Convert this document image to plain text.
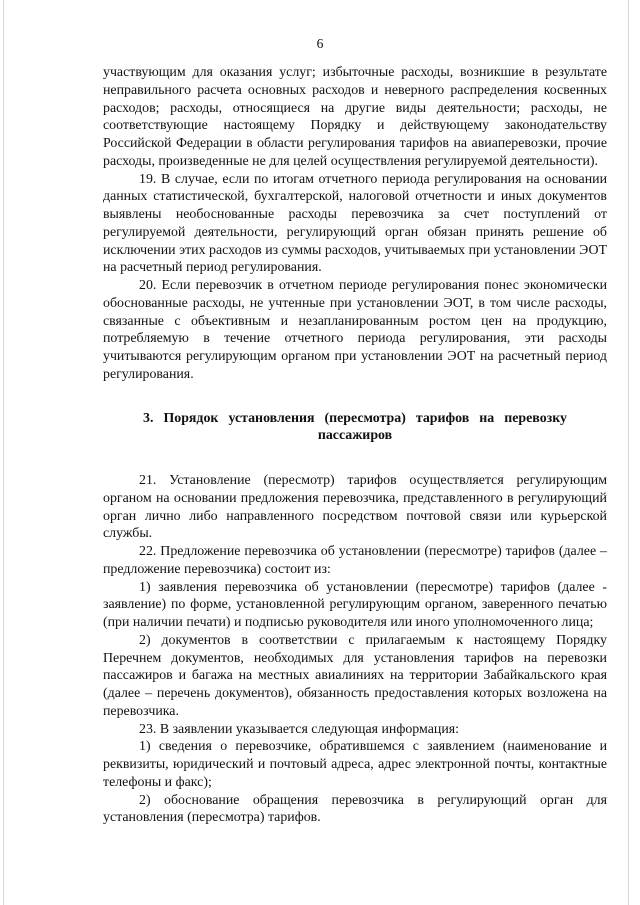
6

участвующим для оказания услуг; избыточные расходы, возникшие в результате неправильного расчета основных расходов и неверного распределения косвенных расходов; расходы, относящиеся на другие виды деятельности; расходы, не соответствующие настоящему Порядку и действующему законодательству Российской Федерации в области регулирования тарифов на авиаперевозки, прочие расходы, произведенные не для целей осуществления регулируемой деятельности).

19. В случае, если по итогам отчетного периода регулирования на основании данных статистической, бухгалтерской, налоговой отчетности и иных документов выявлены необоснованные расходы перевозчика за счет поступлений от регулируемой деятельности, регулирующий орган обязан принять решение об исключении этих расходов из суммы расходов, учитываемых при установлении ЭОТ на расчетный период регулирования.

20. Если перевозчик в отчетном периоде регулирования понес экономически обоснованные расходы, не учтенные при установлении ЭОТ, в том числе расходы, связанные с объективным и незапланированным ростом цен на продукцию, потребляемую в течение отчетного периода регулирования, эти расходы учитываются регулирующим органом при установлении ЭОТ на расчетный период регулирования.

3. Порядок установления (пересмотра) тарифов на перевозку пассажиров

21. Установление (пересмотр) тарифов осуществляется регулирующим органом на основании предложения перевозчика, представленного в регулирующий орган лично либо направленного посредством почтовой связи или курьерской службы.

22. Предложение перевозчика об установлении (пересмотре) тарифов (далее – предложение перевозчика) состоит из:

1) заявления перевозчика об установлении (пересмотре) тарифов (далее - заявление) по форме, установленной регулирующим органом, заверенного печатью (при наличии печати) и подписью руководителя или иного уполномоченного лица;

2) документов в соответствии с прилагаемым к настоящему Порядку Перечнем документов, необходимых для установления тарифов на перевозки пассажиров и багажа на местных авиалиниях на территории Забайкальского края (далее – перечень документов), обязанность предоставления которых возложена на перевозчика.

23. В заявлении указывается следующая информация:

1) сведения о перевозчике, обратившемся с заявлением (наименование и реквизиты, юридический и почтовый адреса, адрес электронной почты, контактные телефоны и факс);

2) обоснование обращения перевозчика в регулирующий орган для установления (пересмотра) тарифов.
